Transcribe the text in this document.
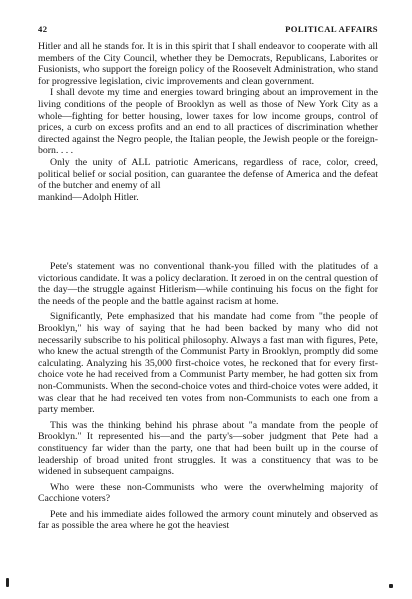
42	POLITICAL AFFAIRS

Hitler and all he stands for. It is in this spirit that I shall endeavor to cooperate with all members of the City Council, whether they be Democrats, Republicans, Laborites or Fusionists, who support the foreign policy of the Roosevelt Administration, who stand for progressive legislation, civic improvements and clean government.

I shall devote my time and energies toward bringing about an improvement in the living conditions of the people of Brooklyn as well as those of New York City as a whole—fighting for better housing, lower taxes for low income groups, control of prices, a curb on excess profits and an end to all practices of discrimination whether directed against the Negro people, the Italian people, the Jewish people or the foreign-born. . . .

Only the unity of ALL patriotic Americans, regardless of race, color, creed, political belief or social position, can guarantee the defense of America and the defeat of the butcher and enemy of all

mankind—Adolph Hitler.

Pete's statement was no conventional thank-you filled with the platitudes of a victorious candidate. It was a policy declaration. It zeroed in on the central question of the day—the struggle against Hitlerism—while continuing his focus on the fight for the needs of the people and the battle against racism at home.

Significantly, Pete emphasized that his mandate had come from "the people of Brooklyn," his way of saying that he had been backed by many who did not necessarily subscribe to his political philosophy. Always a fast man with figures, Pete, who knew the actual strength of the Communist Party in Brooklyn, promptly did some calculating. Analyzing his 35,000 first-choice votes, he reckoned that for every first-choice vote he had received from a Communist Party member, he had gotten six from non-Communists. When the second-choice votes and third-choice votes were added, it was clear that he had received ten votes from non-Communists to each one from a party member.

This was the thinking behind his phrase about "a mandate from the people of Brooklyn." It represented his—and the party's—sober judgment that Pete had a constituency far wider than the party, one that had been built up in the course of leadership of broad united front struggles. It was a constituency that was to be widened in subsequent campaigns.

Who were these non-Communists who were the overwhelming majority of Cacchione voters?

Pete and his immediate aides followed the armory count minutely and observed as far as possible the area where he got the heaviest
